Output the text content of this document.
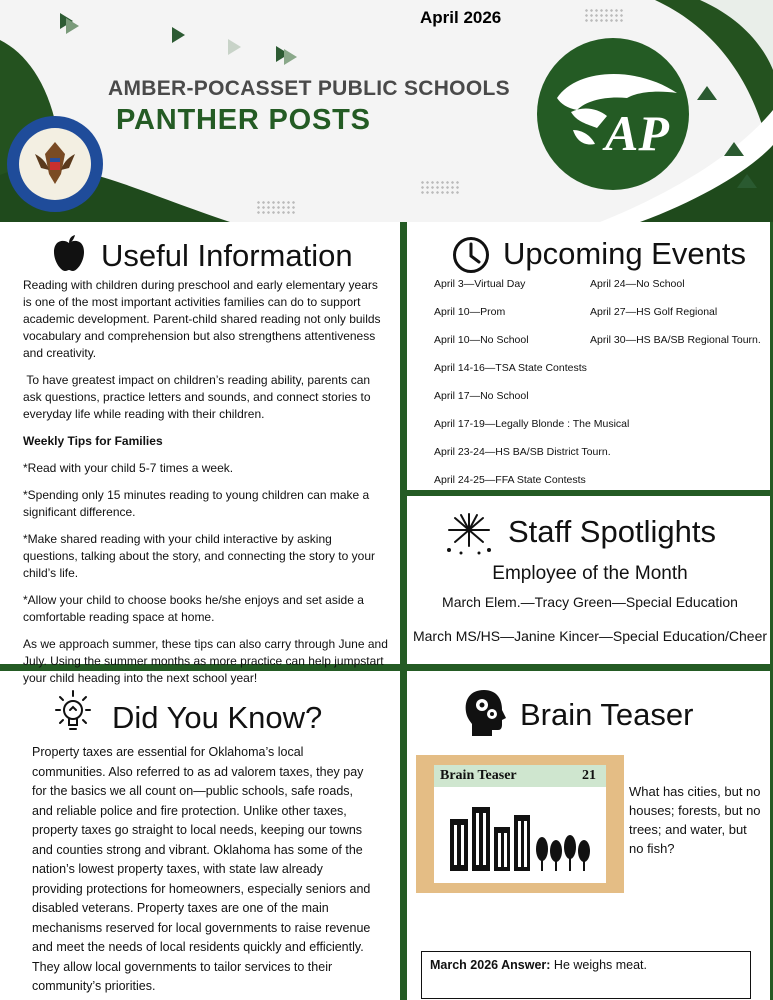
April 2026
AMBER-POCASSET PUBLIC SCHOOLS
PANTHER POSTS	AP
Useful Information

Reading with children during preschool and early elementary years is one of the most important activities families can do to support academic development. Parent-child shared reading not only builds vocabulary and comprehension but also strengthens attentiveness and creativity.

To have greatest impact on children’s reading ability, parents can ask questions, practice letters and sounds, and connect stories to everyday life while reading with their children.

Weekly Tips for Families

*Read with your child 5-7 times a week.

*Spending only 15 minutes reading to young children can make a significant difference.

*Make shared reading with your child interactive by asking questions, talking about the story, and connecting the story to your child’s life.

*Allow your child to choose books he/she enjoys and set aside a comfortable reading space at home.

As we approach summer, these tips can also carry through June and July. Using the summer months as more practice can help jumpstart your child heading into the next school year!

Upcoming Events
April 3—Virtual Day
April 10—Prom
April 10—No School
April 14-16—TSA State Contests
April 17—No School
April 17-19—Legally Blonde : The Musical
April 23-24—HS BA/SB District Tourn.
April 24-25—FFA State Contests
April 24—No School
April 27—HS Golf Regional
April 30—HS BA/SB Regional Tourn.
Staff Spotlights
Employee of the Month
March Elem.—Tracy Green—Special Education
March MS/HS—Janine Kincer—Special Education/Cheer
Did You Know?
Property taxes are essential for Oklahoma’s local communities. Also referred to as ad valorem taxes, they pay for the basics we all count on—public schools, safe roads, and reliable police and fire protection. Unlike other taxes, property taxes go straight to local needs, keeping our towns and counties strong and vibrant. Oklahoma has some of the nation’s lowest property taxes, with state law already providing protections for homeowners, especially seniors and disabled veterans. Property taxes are one of the main mechanisms reserved for local governments to raise revenue and meet the needs of local residents quickly and efficiently. They allow local governments to tailor services to their community’s priorities.
Brain Teaser
Brain Teaser	21
What has cities, but no houses; forests, but no trees; and water, but no fish?
March 2026 Answer: He weighs meat.
